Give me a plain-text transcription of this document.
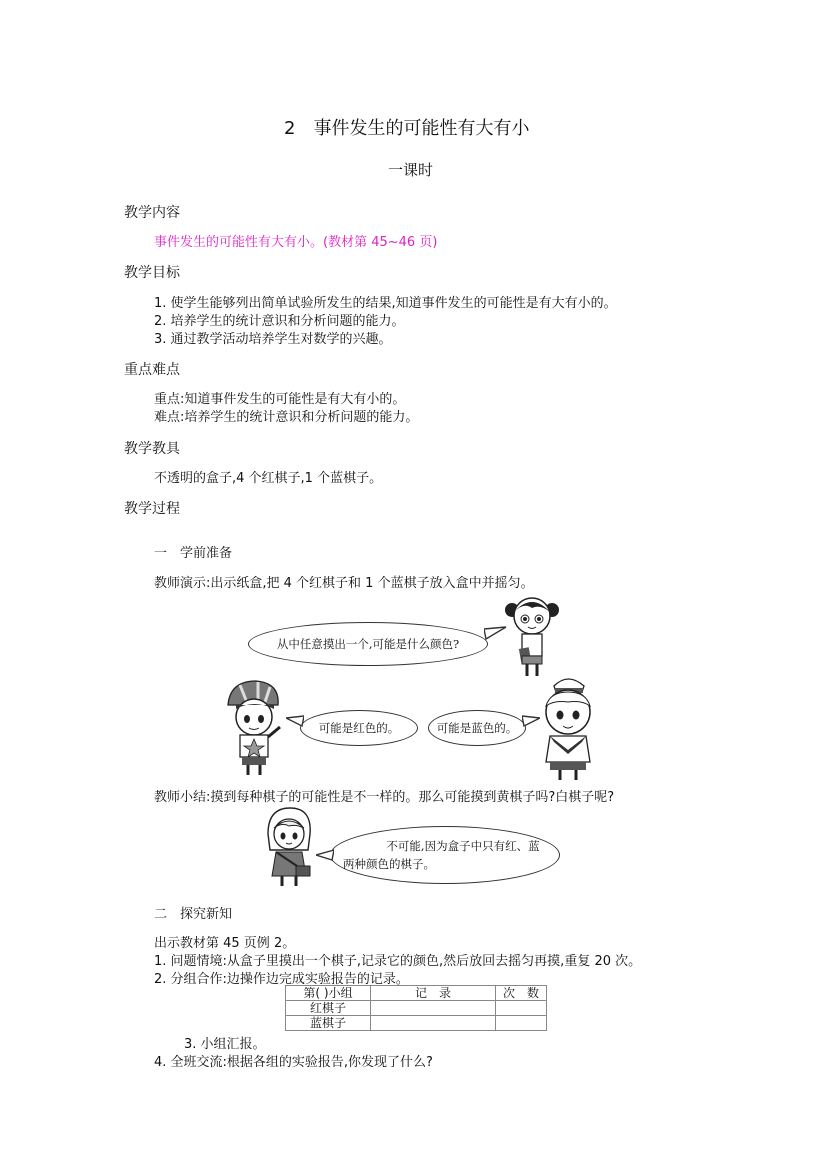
2　事件发生的可能性有大有小
一课时
教学内容
事件发生的可能性有大有小。(教材第 45~46 页)
教学目标
1. 使学生能够列出简单试验所发生的结果,知道事件发生的可能性是有大有小的。
2. 培养学生的统计意识和分析问题的能力。
3. 通过教学活动培养学生对数学的兴趣。
重点难点
重点:知道事件发生的可能性是有大有小的。
难点:培养学生的统计意识和分析问题的能力。
教学教具
不透明的盒子,4 个红棋子,1 个蓝棋子。
教学过程
一　学前准备
教师演示:出示纸盒,把 4 个红棋子和 1 个蓝棋子放入盒中并摇匀。
从中任意摸出一个,可能是什么颜色?
可能是红色的。	可能是蓝色的。
教师小结:摸到每种棋子的可能性是不一样的。那么可能摸到黄棋子吗?白棋子呢?
不可能,因为盒子中只有红、蓝
两种颜色的棋子。
二　探究新知
出示教材第 45 页例 2。
1. 问题情境:从盒子里摸出一个棋子,记录它的颜色,然后放回去摇匀再摸,重复 20 次。
2. 分组合作:边操作边完成实验报告的记录。
第( )小组	记　录	次　数
红棋子		
蓝棋子		
3. 小组汇报。
4. 全班交流:根据各组的实验报告,你发现了什么?
